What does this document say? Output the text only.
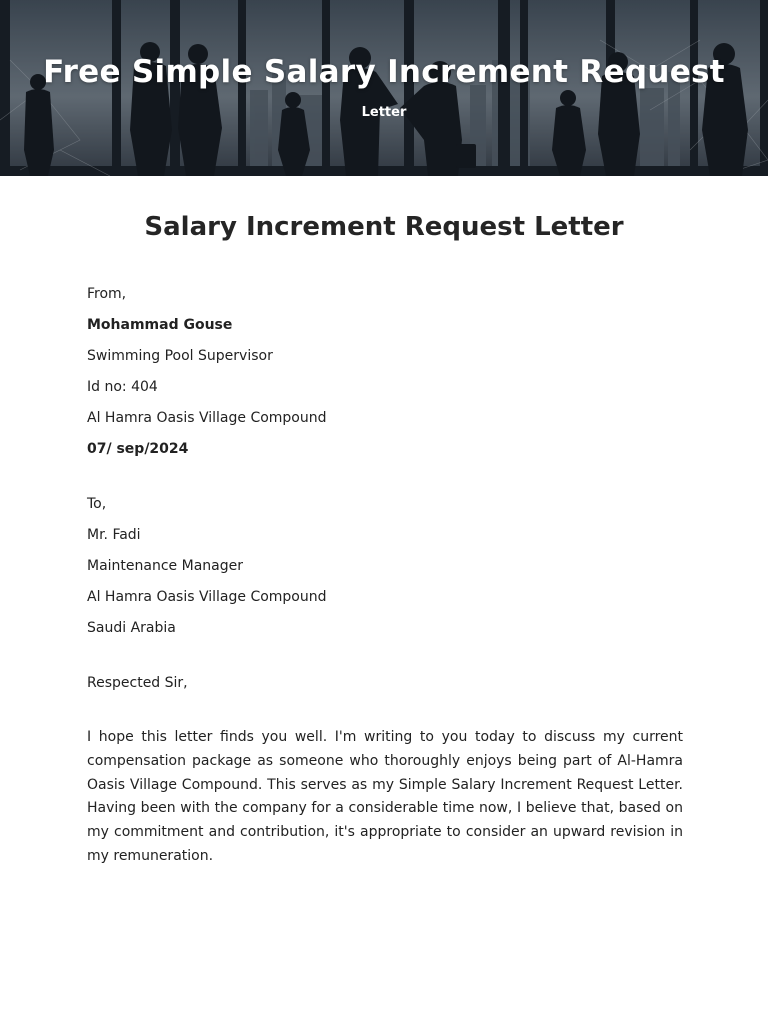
Free Simple Salary Increment Request
Letter
Salary Increment Request Letter
From,
Mohammad Gouse
Swimming Pool Supervisor
Id no: 404
Al Hamra Oasis Village Compound
07/ sep/2024
To,
Mr. Fadi
Maintenance Manager
Al Hamra Oasis Village Compound
Saudi Arabia
Respected Sir,
I hope this letter finds you well. I'm writing to you today to discuss my current compensation package as someone who thoroughly enjoys being part of Al-Hamra Oasis Village Compound. This serves as my Simple Salary Increment Request Letter. Having been with the company for a considerable time now, I believe that, based on my commitment and contribution, it's appropriate to consider an upward revision in my remuneration.
